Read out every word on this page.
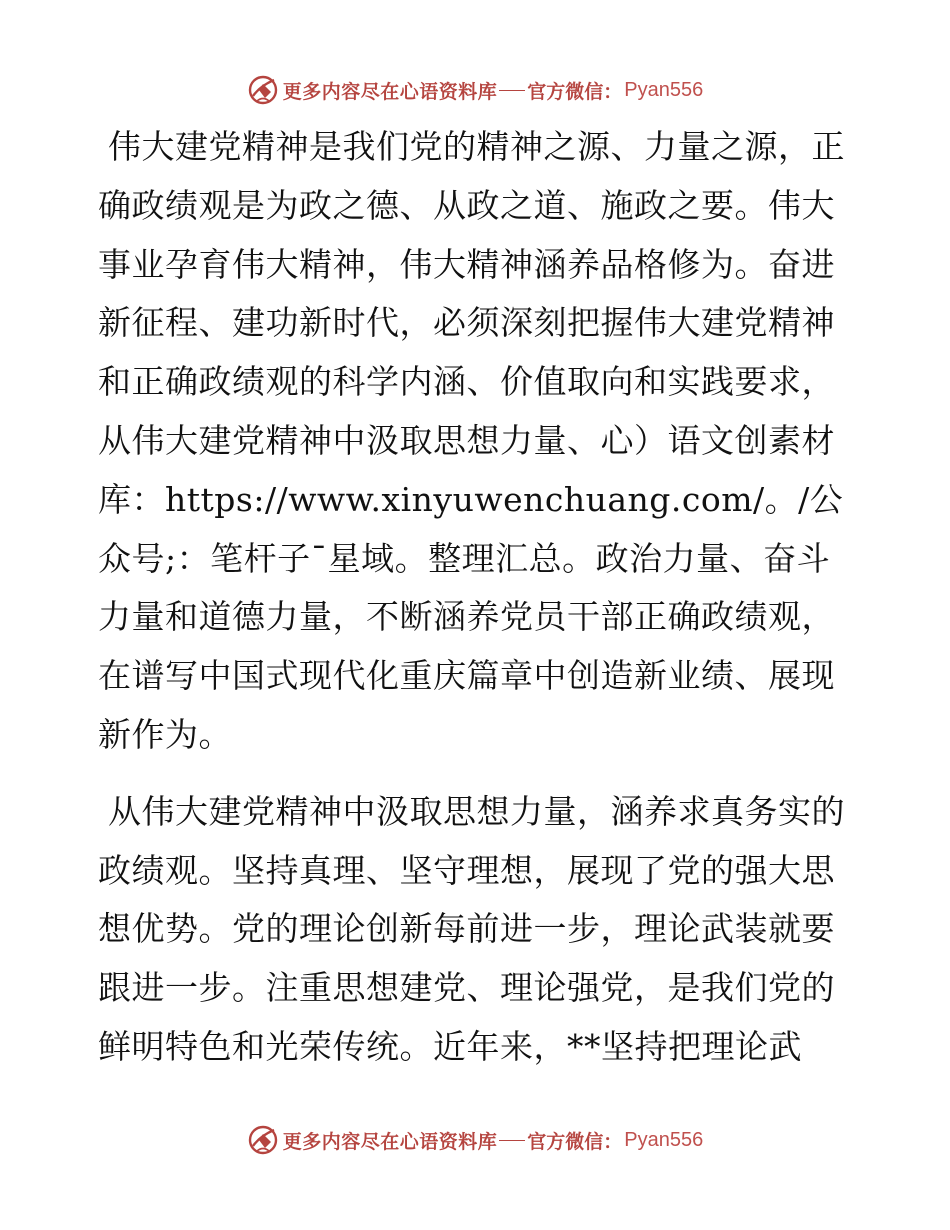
更多内容尽在心语资料库 官方微信： Pyan556

伟大建党精神是我们党的精神之源、力量之源，正确政绩观是为政之德、从政之道、施政之要。伟大事业孕育伟大精神，伟大精神涵养品格修为。奋进新征程、建功新时代，必须深刻把握伟大建党精神和正确政绩观的科学内涵、价值取向和实践要求，从伟大建党精神中汲取思想力量、心）语文创素材库：https://www.xinyuwenchuang.com/。/公众号;：笔杆子¯星域。整理汇总。政治力量、奋斗力量和道德力量，不断涵养党员干部正确政绩观，在谱写中国式现代化重庆篇章中创造新业绩、展现新作为。

从伟大建党精神中汲取思想力量，涵养求真务实的政绩观。坚持真理、坚守理想，展现了党的强大思想优势。党的理论创新每前进一步，理论武装就要跟进一步。注重思想建党、理论强党，是我们党的鲜明特色和光荣传统。近年来，**坚持把理论武

更多内容尽在心语资料库 官方微信： Pyan556
